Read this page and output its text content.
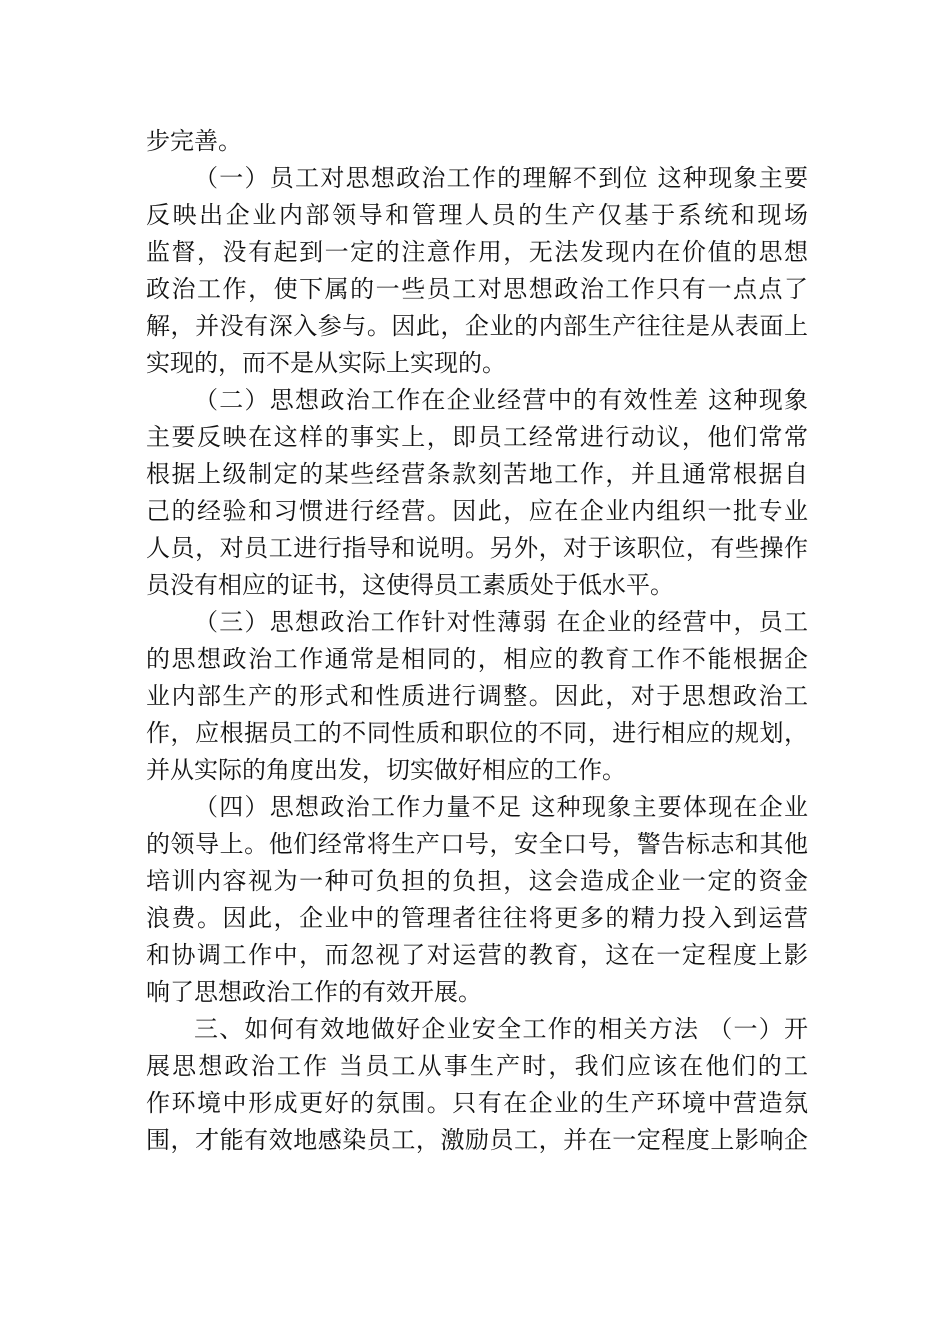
步完善。
（一）员工对思想政治工作的理解不到位 这种现象主要
反映出企业内部领导和管理人员的生产仅基于系统和现场
监督，没有起到一定的注意作用，无法发现内在价值的思想
政治工作，使下属的一些员工对思想政治工作只有一点点了
解，并没有深入参与。因此，企业的内部生产往往是从表面上
实现的，而不是从实际上实现的。
（二）思想政治工作在企业经营中的有效性差 这种现象
主要反映在这样的事实上，即员工经常进行动议，他们常常
根据上级制定的某些经营条款刻苦地工作，并且通常根据自
己的经验和习惯进行经营。因此，应在企业内组织一批专业
人员，对员工进行指导和说明。另外，对于该职位，有些操作
员没有相应的证书，这使得员工素质处于低水平。
（三）思想政治工作针对性薄弱 在企业的经营中，员工
的思想政治工作通常是相同的，相应的教育工作不能根据企
业内部生产的形式和性质进行调整。因此，对于思想政治工
作，应根据员工的不同性质和职位的不同，进行相应的规划，
并从实际的角度出发，切实做好相应的工作。
（四）思想政治工作力量不足 这种现象主要体现在企业
的领导上。他们经常将生产口号，安全口号，警告标志和其他
培训内容视为一种可负担的负担，这会造成企业一定的资金
浪费。因此，企业中的管理者往往将更多的精力投入到运营
和协调工作中，而忽视了对运营的教育，这在一定程度上影
响了思想政治工作的有效开展。
三、如何有效地做好企业安全工作的相关方法 （一）开
展思想政治工作 当员工从事生产时，我们应该在他们的工
作环境中形成更好的氛围。只有在企业的生产环境中营造氛
围，才能有效地感染员工，激励员工，并在一定程度上影响企
